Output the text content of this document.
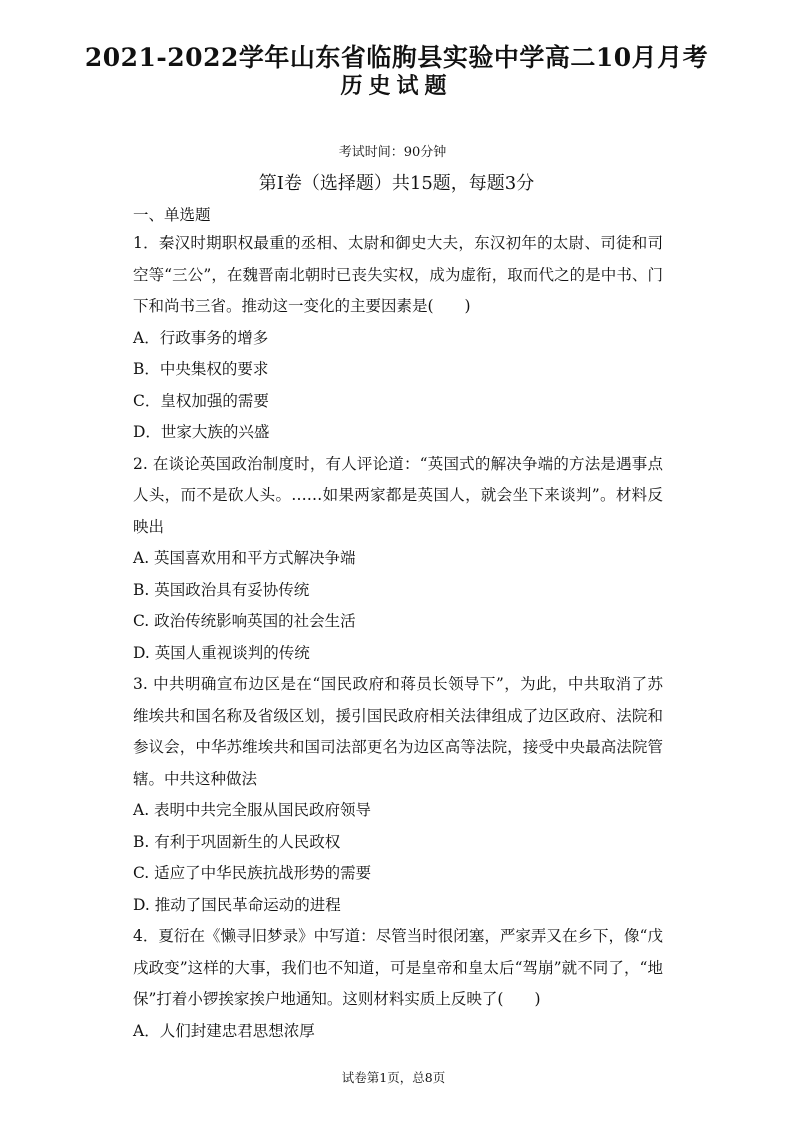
2021-2022学年山东省临朐县实验中学高二10月月考
历史试题
考试时间：90分钟
第Ⅰ卷（选择题）共15题，每题3分

一、单选题

1．秦汉时期职权最重的丞相、太尉和御史大夫，东汉初年的太尉、司徒和司空等“三公”，在魏晋南北朝时已丧失实权，成为虚衔，取而代之的是中书、门下和尚书三省。推动这一变化的主要因素是(　　)

A．行政事务的增多

B．中央集权的要求

C．皇权加强的需要

D．世家大族的兴盛

2. 在谈论英国政治制度时，有人评论道：“英国式的解决争端的方法是遇事点人头，而不是砍人头。……如果两家都是英国人，就会坐下来谈判”。材料反映出

A. 英国喜欢用和平方式解决争端

B. 英国政治具有妥协传统

C. 政治传统影响英国的社会生活

D. 英国人重视谈判的传统

3. 中共明确宣布边区是在“国民政府和蒋员长领导下”，为此，中共取消了苏维埃共和国名称及省级区划，援引国民政府相关法律组成了边区政府、法院和参议会，中华苏维埃共和国司法部更名为边区高等法院，接受中央最高法院管辖。中共这种做法

A. 表明中共完全服从国民政府领导

B. 有利于巩固新生的人民政权

C. 适应了中华民族抗战形势的需要

D. 推动了国民革命运动的进程

4．夏衍在《懒寻旧梦录》中写道：尽管当时很闭塞，严家弄又在乡下，像“戊戌政变”这样的大事，我们也不知道，可是皇帝和皇太后“驾崩”就不同了，“地保”打着小锣挨家挨户地通知。这则材料实质上反映了(　　)

A．人们封建忠君思想浓厚

试卷第1页，总8页
